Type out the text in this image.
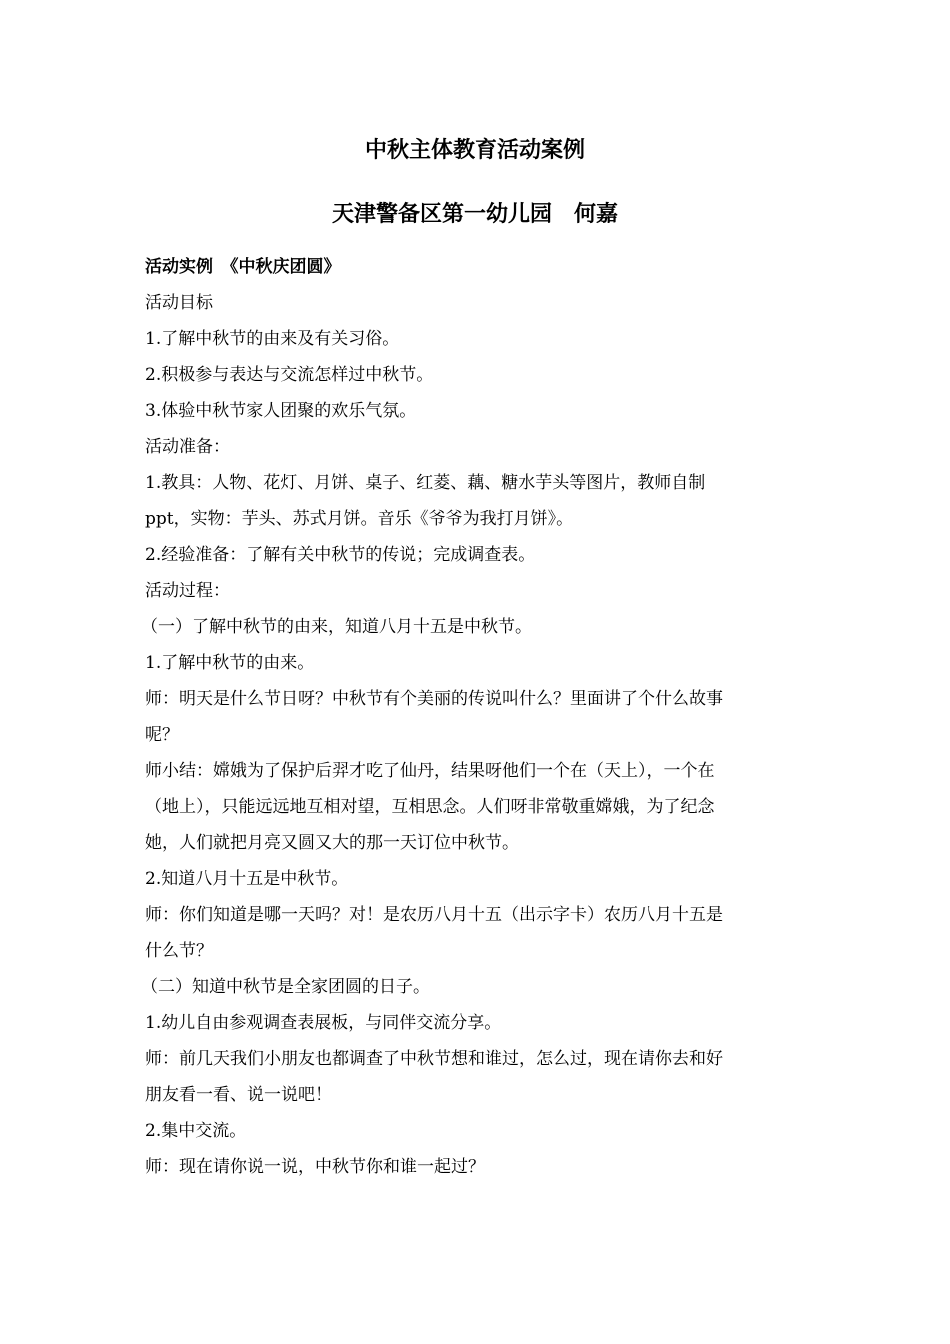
中秋主体教育活动案例
天津警备区第一幼儿园　何嘉

活动实例　《中秋庆团圆》

活动目标

1.了解中秋节的由来及有关习俗。

2.积极参与表达与交流怎样过中秋节。

3.体验中秋节家人团聚的欢乐气氛。

活动准备：

1.教具：人物、花灯、月饼、桌子、红菱、藕、糖水芋头等图片，教师自制

ppt，实物：芋头、苏式月饼。音乐《爷爷为我打月饼》。

2.经验准备：了解有关中秋节的传说；完成调查表。

活动过程：

（一）了解中秋节的由来，知道八月十五是中秋节。

1.了解中秋节的由来。

师：明天是什么节日呀？中秋节有个美丽的传说叫什么？里面讲了个什么故事

呢？

师小结：嫦娥为了保护后羿才吃了仙丹，结果呀他们一个在（天上），一个在

（地上），只能远远地互相对望，互相思念。人们呀非常敬重嫦娥，为了纪念

她，人们就把月亮又圆又大的那一天订位中秋节。

2.知道八月十五是中秋节。

师：你们知道是哪一天吗？对！是农历八月十五（出示字卡）农历八月十五是

什么节？

（二）知道中秋节是全家团圆的日子。

1.幼儿自由参观调查表展板，与同伴交流分享。

师：前几天我们小朋友也都调查了中秋节想和谁过，怎么过，现在请你去和好

朋友看一看、说一说吧！

2.集中交流。

师：现在请你说一说，中秋节你和谁一起过？
